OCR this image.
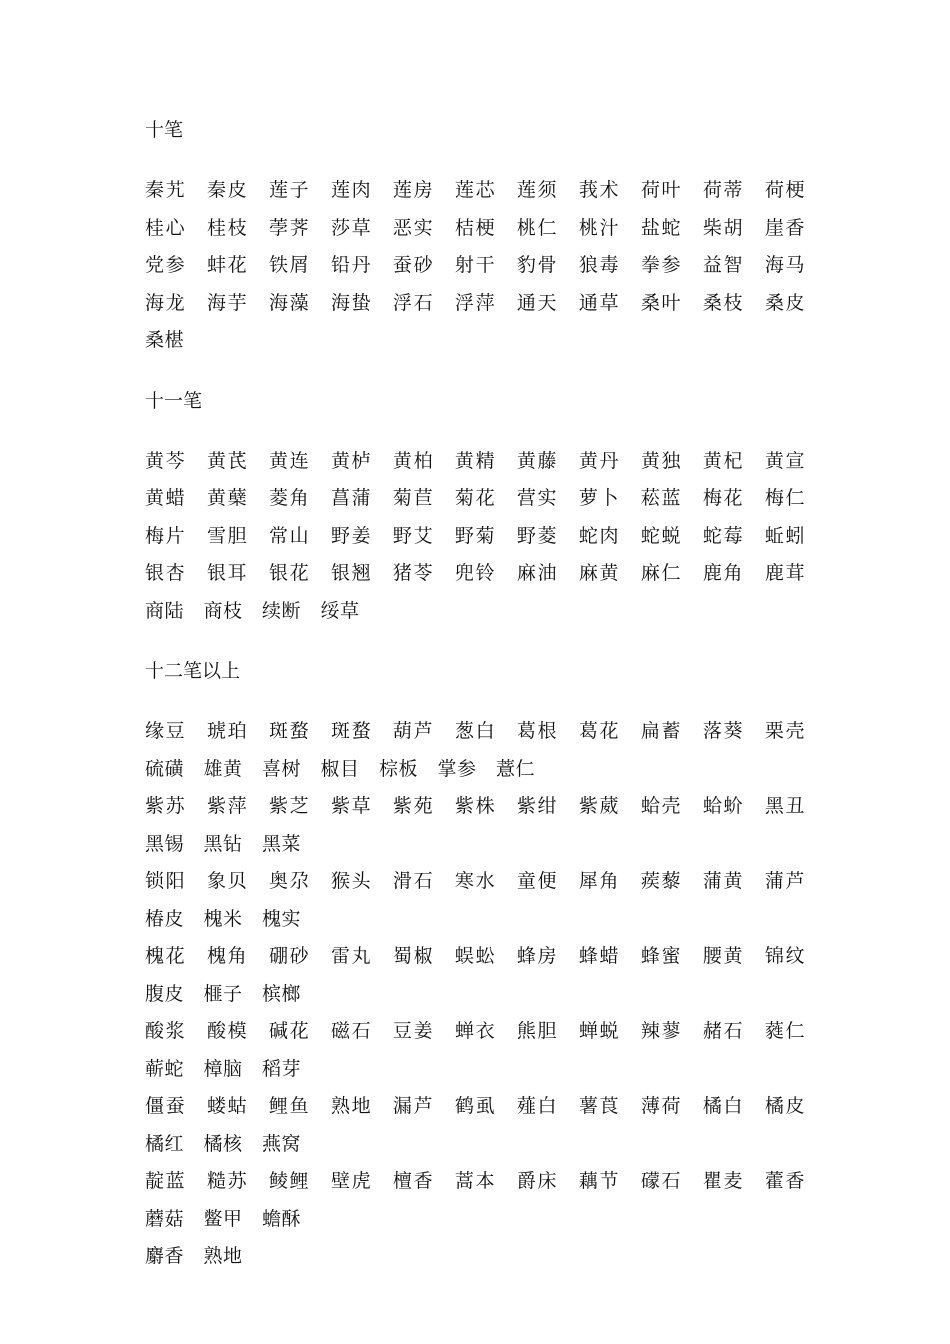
十笔

秦艽　秦皮　莲子　莲肉　莲房　莲芯　莲须　莪术　荷叶　荷蒂　荷梗　桂心　桂枝　荸荠　莎草　恶实　桔梗　桃仁　桃汁　盐蛇　柴胡　崖香　党参　蚌花　铁屑　铅丹　蚕砂　射干　豹骨　狼毒　拳参　益智　海马　海龙　海芋　海藻　海蛰　浮石　浮萍　通天　通草　桑叶　桑枝　桑皮　桑椹

十一笔

黄芩　黄芪　黄连　黄栌　黄柏　黄精　黄藤　黄丹　黄独　黄杞　黄宣　黄蜡　黄蘖　菱角　菖蒲　菊苣　菊花　营实　萝卜　菘蓝　梅花　梅仁　梅片　雪胆　常山　野姜　野艾　野菊　野菱　蛇肉　蛇蜕　蛇莓　蚯蚓　银杏　银耳　银花　银翘　猪苓　兜铃　麻油　麻黄　麻仁　鹿角　鹿茸　商陆　商枝　续断　绥草

十二笔以上

缘豆　琥珀　斑蝥　斑蝥　葫芦　葱白　葛根　葛花　扁蓄　落葵　栗壳　硫磺　雄黄　喜树　椒目　棕板　掌参　薏仁

紫苏　紫萍　紫芝　紫草　紫苑　紫株　紫绀　紫葳　蛤壳　蛤蚧　黑丑　黑锡　黑钻　黑菜

锁阳　象贝　奥尕　猴头　滑石　寒水　童便　犀角　蒺藜　蒲黄　蒲芦　椿皮　槐米　槐实

槐花　槐角　硼砂　雷丸　蜀椒　蜈蚣　蜂房　蜂蜡　蜂蜜　腰黄　锦纹　腹皮　榧子　槟榔

酸浆　酸模　碱花　磁石　豆姜　蝉衣　熊胆　蝉蜕　辣蓼　赭石　蕤仁　蕲蛇　樟脑　稻芽

僵蚕　蝼蛄　鲤鱼　熟地　漏芦　鹤虱　薤白　薯莨　薄荷　橘白　橘皮　橘红　橘核　燕窝

靛蓝　糙苏　鲮鲤　壁虎　檀香　蒿本　爵床　藕节　礞石　瞿麦　藿香　蘑菇　鳖甲　蟾酥

麝香　熟地
